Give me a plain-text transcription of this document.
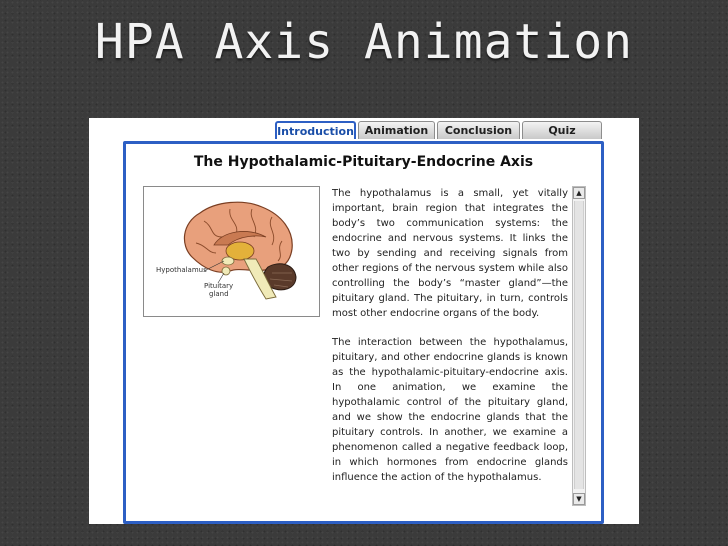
HPA Axis Animation
Introduction Animation	Conclusion	Quiz
The Hypothalamic-Pituitary-Endocrine Axis
Hypothalamus
Pituitary
gland

The hypothalamus is a small, yet vitally important, brain region that integrates the body’s two communication systems: the endocrine and nervous systems. It links the two by sending and receiving signals from other regions of the nervous system while also controlling the body’s “master gland”—the pituitary gland. The pituitary, in turn, controls most other endocrine organs of the body.

The interaction between the hypothalamus, pituitary, and other endocrine glands is known as the hypothalamic-pituitary-endocrine axis. In one animation, we examine the hypothalamic control of the pituitary gland, and we show the endocrine glands that the pituitary controls. In another, we examine a phenomenon called a negative feedback loop, in which hormones from endocrine glands influence the action of the hypothalamus.

▲
▼
